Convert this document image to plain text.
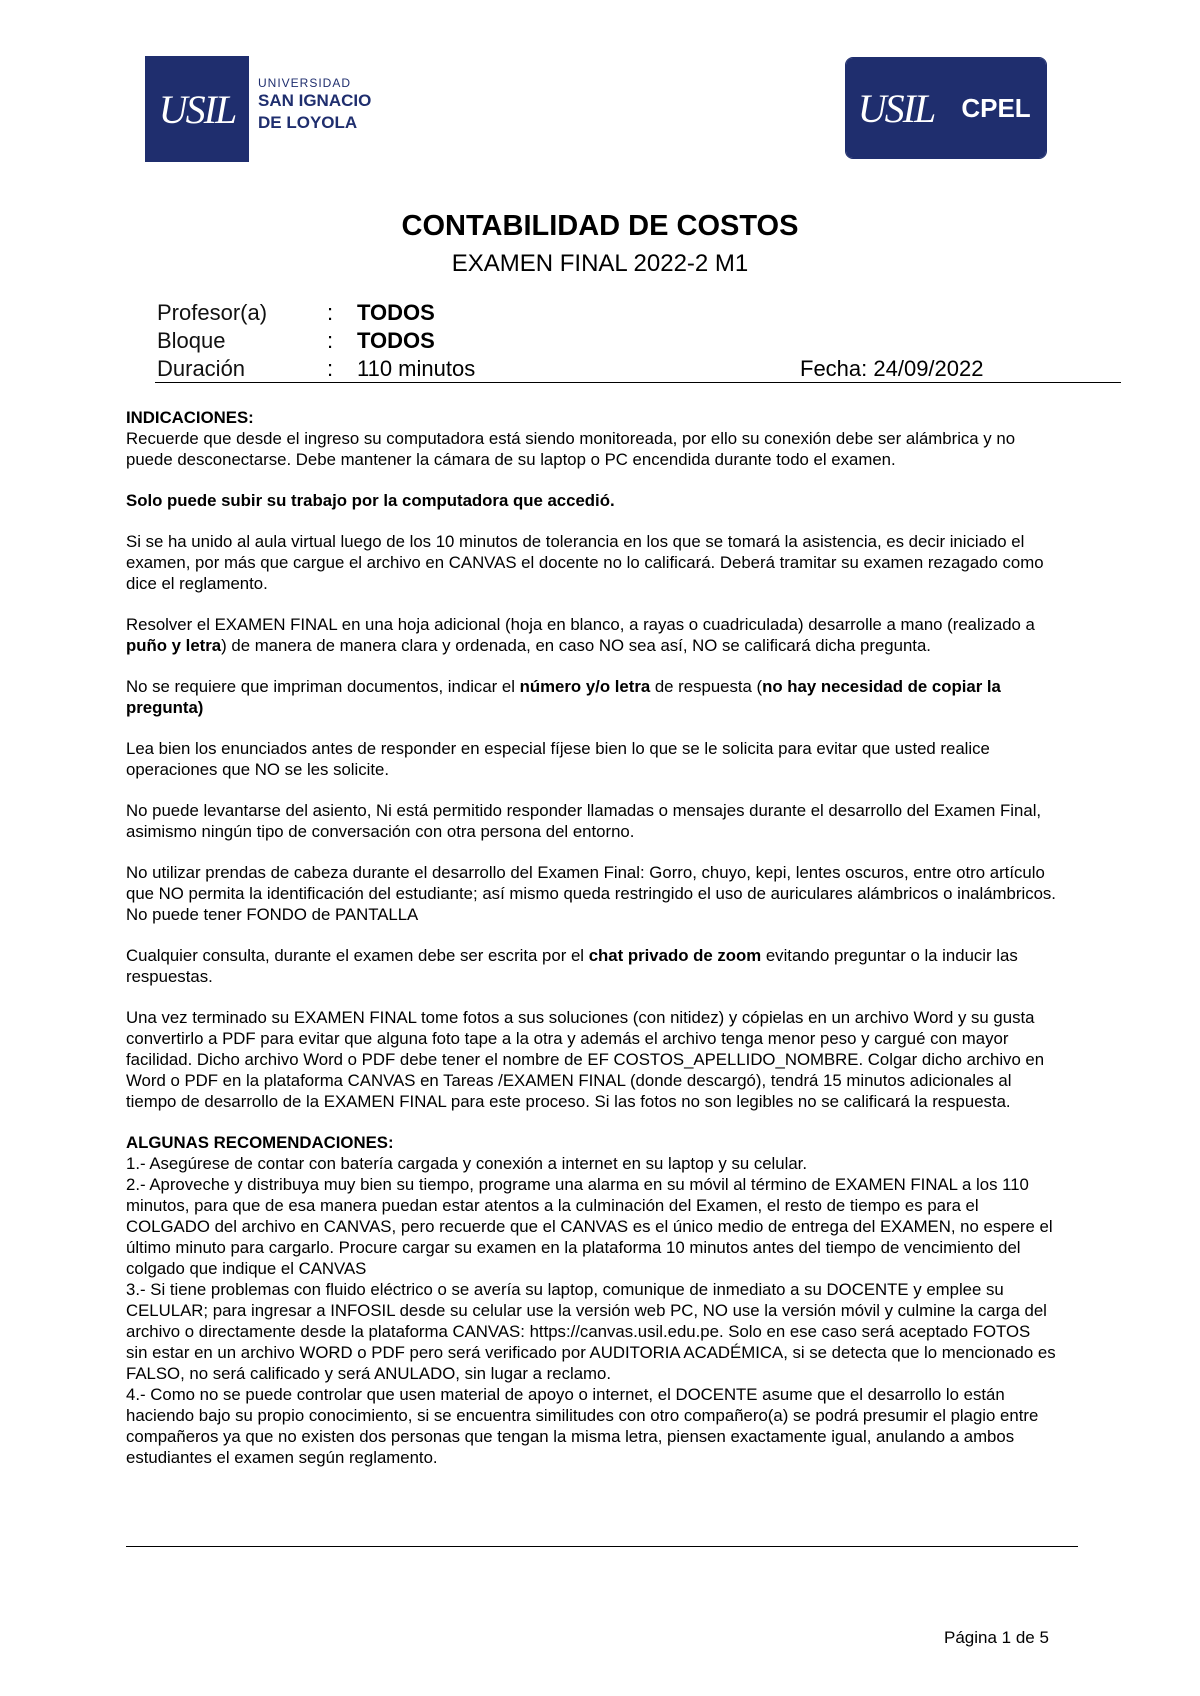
USIL
UNIVERSIDAD
SAN IGNACIO
DE LOYOLA	USIL	CPEL
CONTABILIDAD DE COSTOS
EXAMEN FINAL 2022-2 M1
Profesor(a)	: TODOS
Bloque	: TODOS
Duración	: 110 minutos	Fecha: 24/09/2022

INDICACIONES:

Recuerde que desde el ingreso su computadora está siendo monitoreada, por ello su conexión debe ser alámbrica y no puede desconectarse. Debe mantener la cámara de su laptop o PC encendida durante todo el examen.

Solo puede subir su trabajo por la computadora que accedió.

Si se ha unido al aula virtual luego de los 10 minutos de tolerancia en los que se tomará la asistencia, es decir iniciado el examen, por más que cargue el archivo en CANVAS el docente no lo calificará. Deberá tramitar su examen rezagado como dice el reglamento.

Resolver el EXAMEN FINAL en una hoja adicional (hoja en blanco, a rayas o cuadriculada) desarrolle a mano (realizado a puño y letra) de manera de manera clara y ordenada, en caso NO sea así, NO se calificará dicha pregunta.

No se requiere que impriman documentos, indicar el número y/o letra de respuesta (no hay necesidad de copiar la pregunta)

Lea bien los enunciados antes de responder en especial fíjese bien lo que se le solicita para evitar que usted realice operaciones que NO se les solicite.

No puede levantarse del asiento, Ni está permitido responder llamadas o mensajes durante el desarrollo del Examen Final, asimismo ningún tipo de conversación con otra persona del entorno.

No utilizar prendas de cabeza durante el desarrollo del Examen Final: Gorro, chuyo, kepi, lentes oscuros, entre otro artículo que NO permita la identificación del estudiante; así mismo queda restringido el uso de auriculares alámbricos o inalámbricos. No puede tener FONDO de PANTALLA

Cualquier consulta, durante el examen debe ser escrita por el chat privado de zoom evitando preguntar o la inducir las respuestas.

Una vez terminado su EXAMEN FINAL tome fotos a sus soluciones (con nitidez) y cópielas en un archivo Word y su gusta convertirlo a PDF para evitar que alguna foto tape a la otra y además el archivo tenga menor peso y cargué con mayor facilidad. Dicho archivo Word o PDF debe tener el nombre de EF COSTOS_APELLIDO_NOMBRE. Colgar dicho archivo en Word o PDF en la plataforma CANVAS en Tareas /EXAMEN FINAL (donde descargó), tendrá 15 minutos adicionales al tiempo de desarrollo de la EXAMEN FINAL para este proceso. Si las fotos no son legibles no se calificará la respuesta.

ALGUNAS RECOMENDACIONES:

1.- Asegúrese de contar con batería cargada y conexión a internet en su laptop y su celular.

2.- Aproveche y distribuya muy bien su tiempo, programe una alarma en su móvil al término de EXAMEN FINAL a los 110 minutos, para que de esa manera puedan estar atentos a la culminación del Examen, el resto de tiempo es para el COLGADO del archivo en CANVAS, pero recuerde que el CANVAS es el único medio de entrega del EXAMEN, no espere el último minuto para cargarlo. Procure cargar su examen en la plataforma 10 minutos antes del tiempo de vencimiento del colgado que indique el CANVAS

3.- Si tiene problemas con fluido eléctrico o se avería su laptop, comunique de inmediato a su DOCENTE y emplee su CELULAR; para ingresar a INFOSIL desde su celular use la versión web PC, NO use la versión móvil y culmine la carga del archivo o directamente desde la plataforma CANVAS: https://canvas.usil.edu.pe. Solo en ese caso será aceptado FOTOS sin estar en un archivo WORD o PDF pero será verificado por AUDITORIA ACADÉMICA, si se detecta que lo mencionado es FALSO, no será calificado y será ANULADO, sin lugar a reclamo.

4.- Como no se puede controlar que usen material de apoyo o internet, el DOCENTE asume que el desarrollo lo están haciendo bajo su propio conocimiento, si se encuentra similitudes con otro compañero(a) se podrá presumir el plagio entre compañeros ya que no existen dos personas que tengan la misma letra, piensen exactamente igual, anulando a ambos estudiantes el examen según reglamento.

Página 1 de 5
